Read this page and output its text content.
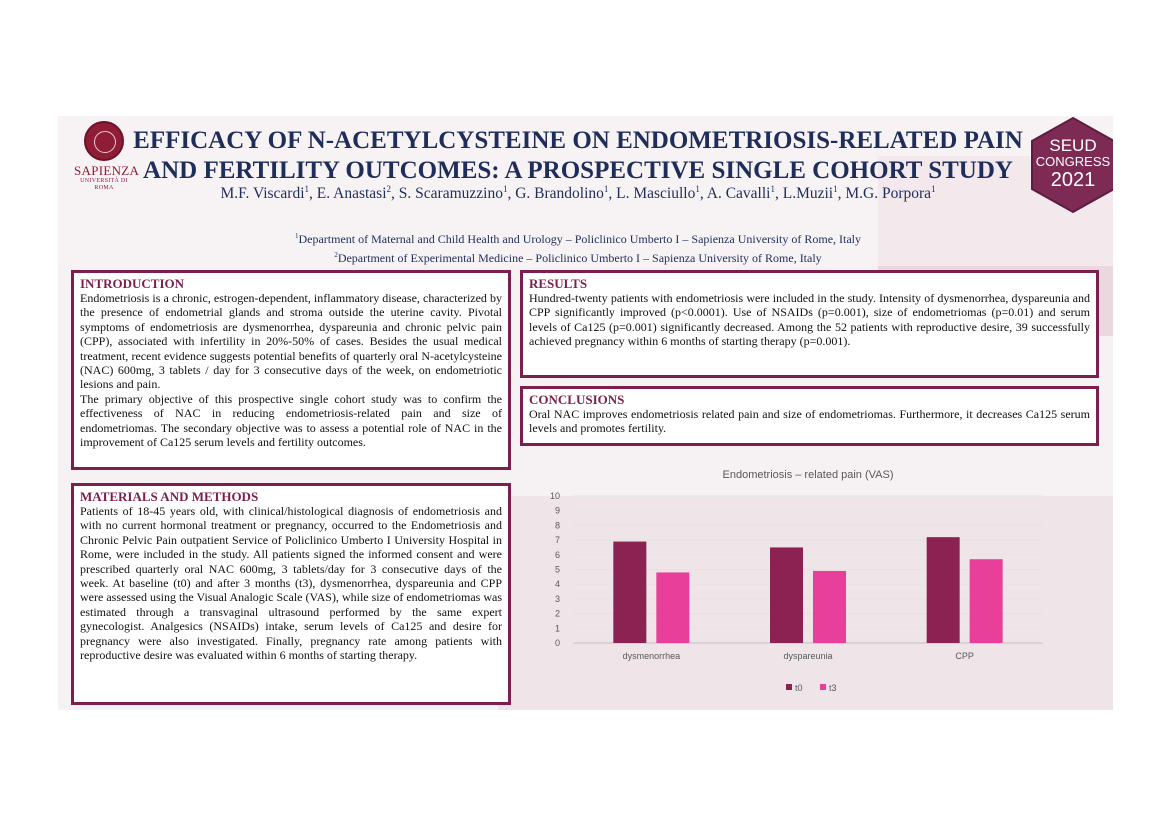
SAPIENZA
UNIVERSITÀ DI ROMA
EFFICACY OF N-ACETYLCYSTEINE ON ENDOMETRIOSIS-RELATED PAIN
AND FERTILITY OUTCOMES: A PROSPECTIVE SINGLE COHORT STUDY
M.F. Viscardi$^1$, E. Anastasi$^2$, S. Scaramuzzino$^1$, G. Brandolino$^1$, L. Masciullo$^1$, A. Cavalli$^1$, L.Muzii$^1$, M.G. Porpora$^1$
$^1$Department of Maternal and Child Health and Urology – Policlinico Umberto I – Sapienza University of Rome, Italy
$^2$Department of Experimental Medicine – Policlinico Umberto I – Sapienza University of Rome, Italy
SEUD
CONGRESS
2021
INTRODUCTION

Endometriosis is a chronic, estrogen-dependent, inflammatory disease, characterized by the presence of endometrial glands and stroma outside the uterine cavity. Pivotal symptoms of endometriosis are dysmenorrhea, dyspareunia and chronic pelvic pain (CPP), associated with infertility in 20%-50% of cases. Besides the usual medical treatment, recent evidence suggests potential benefits of quarterly oral N-acetylcysteine (NAC) 600mg, 3 tablets / day for 3 consecutive days of the week, on endometriotic lesions and pain.

The primary objective of this prospective single cohort study was to confirm the effectiveness of NAC in reducing endometriosis-related pain and size of endometriomas. The secondary objective was to assess a potential role of NAC in the improvement of Ca125 serum levels and fertility outcomes.

MATERIALS AND METHODS

Patients of 18-45 years old, with clinical/histological diagnosis of endometriosis and with no current hormonal treatment or pregnancy, occurred to the Endometriosis and Chronic Pelvic Pain outpatient Service of Policlinico Umberto I University Hospital in Rome, were included in the study. All patients signed the informed consent and were prescribed quarterly oral NAC 600mg, 3 tablets/day for 3 consecutive days of the week. At baseline (t0) and after 3 months (t3), dysmenorrhea, dyspareunia and CPP were assessed using the Visual Analogic Scale (VAS), while size of endometriomas was estimated through a transvaginal ultrasound performed by the same expert gynecologist. Analgesics (NSAIDs) intake, serum levels of Ca125 and desire for pregnancy were also investigated. Finally, pregnancy rate among patients with reproductive desire was evaluated within 6 months of starting therapy.

RESULTS

Hundred-twenty patients with endometriosis were included in the study. Intensity of dysmenorrhea, dyspareunia and CPP significantly improved (p<0.0001). Use of NSAIDs (p=0.001), size of endometriomas (p=0.01) and serum levels of Ca125 (p=0.001) significantly decreased. Among the 52 patients with reproductive desire, 39 successfully achieved pregnancy within 6 months of starting therapy (p=0.001).

CONCLUSIONS

Oral NAC improves endometriosis related pain and size of endometriomas. Furthermore, it decreases Ca125 serum levels and promotes fertility.

Endometriosis – related pain (VAS)
0
1
2
3
4
5
6
7
8
9
10
dysmenorrhea	dyspareunia	CPP
t0	t3
